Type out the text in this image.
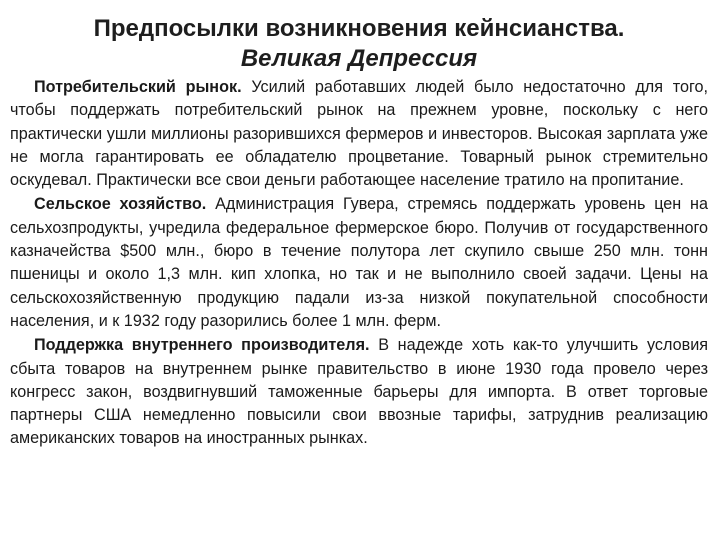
Предпосылки возникновения кейнсианства.
Великая Депрессия

Потребительский рынок. Усилий работавших людей было недостаточно для того, чтобы поддержать потребительский рынок на прежнем уровне, поскольку с него практически ушли миллионы разорившихся фермеров и инвесторов. Высокая зарплата уже не могла гарантировать ее обладателю процветание. Товарный рынок стремительно оскудевал. Практически все свои деньги работающее население тратило на пропитание.

Сельское хозяйство. Администрация Гувера, стремясь поддержать уровень цен на сельхозпродукты, учредила федеральное фермерское бюро. Получив от государственного казначейства $500 млн., бюро в течение полутора лет скупило свыше 250 млн. тонн пшеницы и около 1,3 млн. кип хлопка, но так и не выполнило своей задачи. Цены на сельскохозяйственную продукцию падали из-за низкой покупательной способности населения, и к 1932 году разорились более 1 млн. ферм.

Поддержка внутреннего производителя. В надежде хоть как-то улучшить условия сбыта товаров на внутреннем рынке правительство в июне 1930 года провело через конгресс закон, воздвигнувший таможенные барьеры для импорта. В ответ торговые партнеры США немедленно повысили свои ввозные тарифы, затруднив реализацию американских товаров на иностранных рынках.
